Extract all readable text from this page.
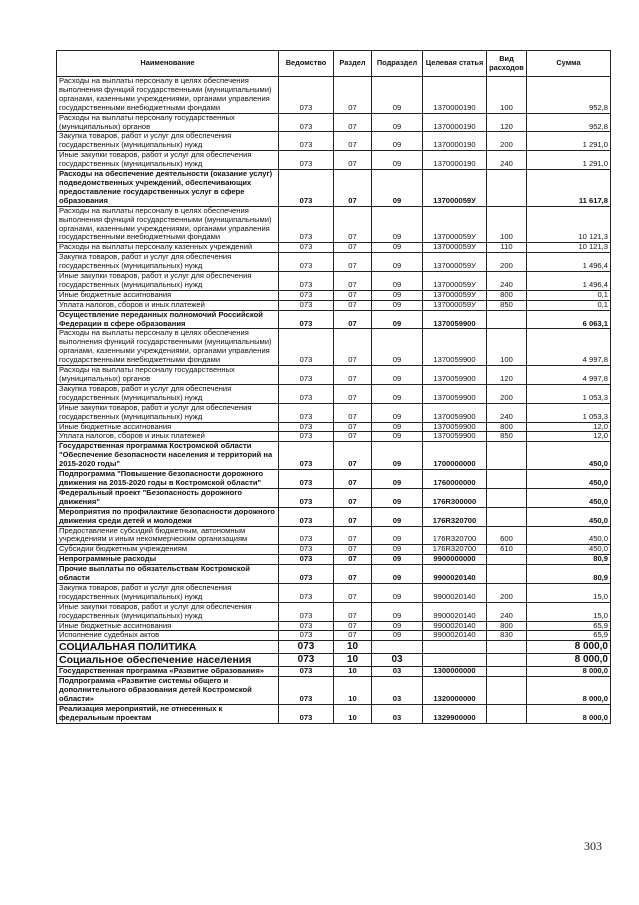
Наименование	Ведомство	Раздел	Подраздел	Целевая статья	Вид расходов	Сумма
Расходы на выплаты персоналу в целях обеспечения выполнения функций государственными (муниципальными) органами, казенными учреждениями, органами управления государственными внебюджетными фондами	073	07	09	1370000190	100	952,8
Расходы на выплаты персоналу государственных (муниципальных) органов	073	07	09	1370000190	120	952,8
Закупка товаров, работ и услуг для обеспечения государственных (муниципальных) нужд	073	07	09	1370000190	200	1 291,0
Иные закупки товаров, работ и услуг для обеспечения государственных (муниципальных) нужд	073	07	09	1370000190	240	1 291,0
Расходы на обеспечение деятельности (оказание услуг) подведомственных учреждений, обеспечивающих предоставление государственных услуг в сфере образования	073	07	09	137000059У		11 617,8
Расходы на выплаты персоналу в целях обеспечения выполнения функций государственными (муниципальными) органами, казенными учреждениями, органами управления государственными внебюджетными фондами	073	07	09	137000059У	100	10 121,3
Расходы на выплаты персоналу казенных учреждений	073	07	09	137000059У	110	10 121,3
Закупка товаров, работ и услуг для обеспечения государственных (муниципальных) нужд	073	07	09	137000059У	200	1 496,4
Иные закупки товаров, работ и услуг для обеспечения государственных (муниципальных) нужд	073	07	09	137000059У	240	1 496,4
Иные бюджетные ассигнования	073	07	09	137000059У	800	0,1
Уплата налогов, сборов и иных платежей	073	07	09	137000059У	850	0,1
Осуществление переданных полномочий Российской Федерации в сфере образования	073	07	09	1370059900		6 063,1
Расходы на выплаты персоналу в целях обеспечения выполнения функций государственными (муниципальными) органами, казенными учреждениями, органами управления государственными внебюджетными фондами	073	07	09	1370059900	100	4 997,8
Расходы на выплаты персоналу государственных (муниципальных) органов	073	07	09	1370059900	120	4 997,8
Закупка товаров, работ и услуг для обеспечения государственных (муниципальных) нужд	073	07	09	1370059900	200	1 053,3
Иные закупки товаров, работ и услуг для обеспечения государственных (муниципальных) нужд	073	07	09	1370059900	240	1 053,3
Иные бюджетные ассигнования	073	07	09	1370059900	800	12,0
Уплата налогов, сборов и иных платежей	073	07	09	1370059900	850	12,0
Государственная программа Костромской области "Обеспечение безопасности населения и территорий на 2015-2020 годы"	073	07	09	1700000000		450,0
Подпрограмма "Повышение безопасности дорожного движения на 2015-2020 годы в Костромской области"	073	07	09	1760000000		450,0
Федеральный проект "Безопасность дорожного движения"	073	07	09	176R300000		450,0
Мероприятия по профилактике безопасности дорожного движения среди детей и молодежи	073	07	09	176R320700		450,0
Предоставление субсидий бюджетным, автономным учреждениям и иным некоммерческим организациям	073	07	09	176R320700	600	450,0
Субсидии бюджетным учреждениям	073	07	09	176R320700	610	450,0
Непрограммные расходы	073	07	09	9900000000		80,9
Прочие выплаты по обязательствам Костромской области	073	07	09	9900020140		80,9
Закупка товаров, работ и услуг для обеспечения государственных (муниципальных) нужд	073	07	09	9900020140	200	15,0
Иные закупки товаров, работ и услуг для обеспечения государственных (муниципальных) нужд	073	07	09	9900020140	240	15,0
Иные бюджетные ассигнования	073	07	09	9900020140	800	65,9
Исполнение судебных актов	073	07	09	9900020140	830	65,9
СОЦИАЛЬНАЯ ПОЛИТИКА	073	10				8 000,0
Социальное обеспечение населения	073	10	03			8 000,0
Государственная программа «Развитие образования»	073	10	03	1300000000		8 000,0
Подпрограмма «Развитие системы общего и дополнительного образования детей Костромской области»	073	10	03	1320000000		8 000,0
Реализация мероприятий, не отнесенных к федеральным проектам	073	10	03	1329900000		8 000,0
303
